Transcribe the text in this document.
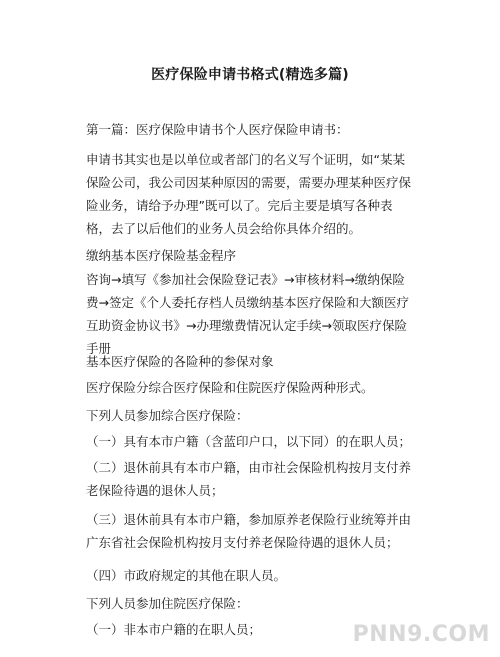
医疗保险申请书格式(精选多篇)

第一篇：医疗保险申请书个人医疗保险申请书：

申请书其实也是以单位或者部门的名义写个证明，如“某某保险公司，我公司因某种原因的需要，需要办理某种医疗保险业务，请给予办理”既可以了。完后主要是填写各种表格，去了以后他们的业务人员会给你具体介绍的。

缴纳基本医疗保险基金程序

咨询→填写《参加社会保险登记表》→审核材料→缴纳保险费→签定《个人委托存档人员缴纳基本医疗保险和大额医疗互助资金协议书》→办理缴费情况认定手续→领取医疗保险手册

基本医疗保险的各险种的参保对象

医疗保险分综合医疗保险和住院医疗保险两种形式。

下列人员参加综合医疗保险：

（一）具有本市户籍（含蓝印户口，以下同）的在职人员；

（二）退休前具有本市户籍，由市社会保险机构按月支付养老保险待遇的退休人员；

（三）退休前具有本市户籍，参加原养老保险行业统筹并由广东省社会保险机构按月支付养老保险待遇的退休人员；

（四）市政府规定的其他在职人员。

下列人员参加住院医疗保险：

（一）非本市户籍的在职人员；	PNN9.COM
